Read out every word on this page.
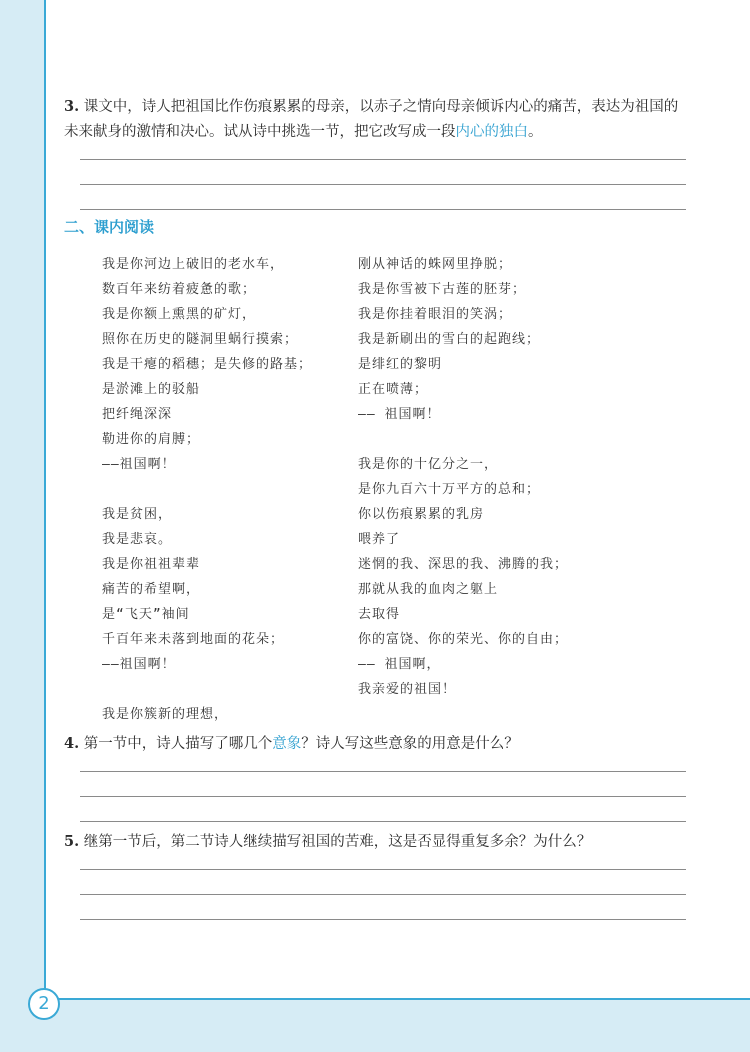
3. 课文中，诗人把祖国比作伤痕累累的母亲，以赤子之情向母亲倾诉内心的痛苦，表达为祖国的
未来献身的激情和决心。试从诗中挑选一节，把它改写成一段内心的独白。
二、课内阅读
我是你河边上破旧的老水车，
数百年来纺着疲惫的歌；
我是你额上熏黑的矿灯，
照你在历史的隧洞里蜗行摸索；
我是干瘪的稻穗；是失修的路基；
是淤滩上的驳船
把纤绳深深
勒进你的肩膊；
——祖国啊！
我是贫困，
我是悲哀。
我是你祖祖辈辈
痛苦的希望啊，
是“飞天”袖间
千百年来未落到地面的花朵；
——祖国啊！
我是你簇新的理想，
刚从神话的蛛网里挣脱；
我是你雪被下古莲的胚芽；
我是你挂着眼泪的笑涡；
我是新刷出的雪白的起跑线；
是绯红的黎明
正在喷薄；
—— 祖国啊！
我是你的十亿分之一，
是你九百六十万平方的总和；
你以伤痕累累的乳房
喂养了
迷惘的我、深思的我、沸腾的我；
那就从我的血肉之躯上
去取得
你的富饶、你的荣光、你的自由；
—— 祖国啊，
我亲爱的祖国！
4. 第一节中，诗人描写了哪几个意象？诗人写这些意象的用意是什么？
5. 继第一节后，第二节诗人继续描写祖国的苦难，这是否显得重复多余？为什么？
2
